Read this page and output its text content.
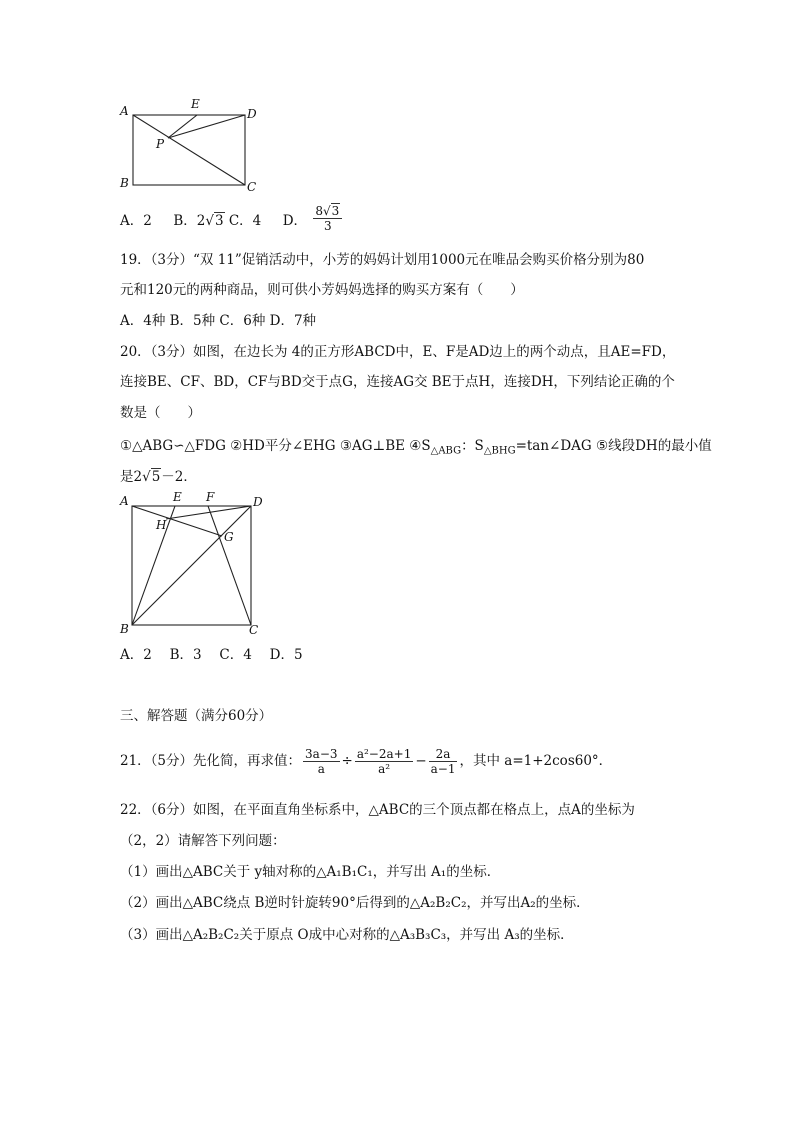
A	E
D
P
B	C
A．2 B．2√3 C．4 D． $\frac{8√3}{3}$
19．（3分）“双 11”促销活动中，小芳的妈妈计划用1000元在唯品会购买价格分别为80
元和120元的两种商品，则可供小芳妈妈选择的购买方案有（　　）
A．4种 B．5种 C．6种 D．7种
20．（3分）如图，在边长为 4的正方形ABCD中，E、F是AD边上的两个动点，且AE=FD，
连接BE、CF、BD，CF与BD交于点G，连接AG交 BE于点H，连接DH，下列结论正确的个
数是（　　）
①△ABG∽△FDG ②HD平分∠EHG ③AG⊥BE $④S_{\triangle ABG}$：$S_{\triangle BHG}=\tan\angle DAG$ ⑤线段DH的最小值
是2√5－2．
A	E F	D
H
G
B	C
A．2　 B．3　 C．4　 D．5
三、解答题（满分60分）
21．（5分）先化简，再求值： $\frac{3a-3}{a} \div \frac{\text{a²−2a+1}}{\text{a²}} - \frac{2a}{a-1}$ ，其中 a=1+2cos60°．
22．（6分）如图，在平面直角坐标系中，△ABC的三个顶点都在格点上，点A的坐标为
（2，2）请解答下列问题：
（1）画出△ABC关于 y轴对称的△A₁B₁C₁，并写出 A₁的坐标．
（2）画出△ABC绕点 B逆时针旋转90°后得到的△A₂B₂C₂，并写出A₂的坐标．
（3）画出△A₂B₂C₂关于原点 O成中心对称的△A₃B₃C₃，并写出 A₃的坐标．
